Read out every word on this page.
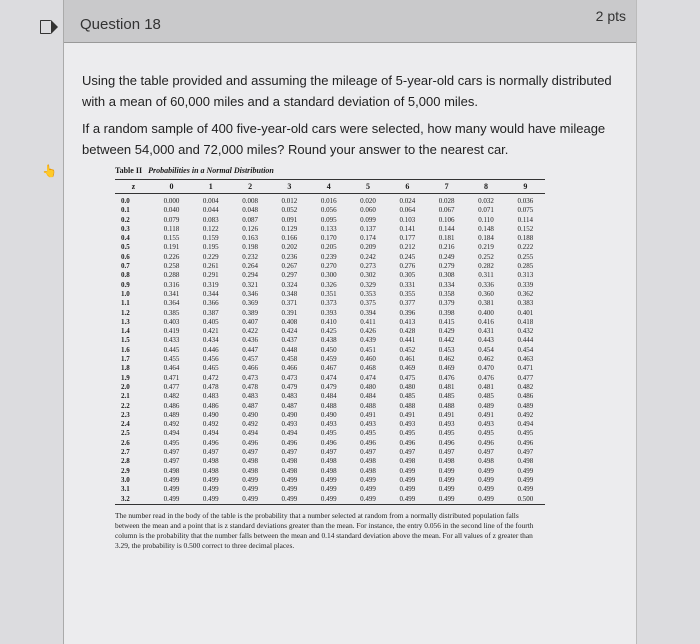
Question 18	2 pts
Using the table provided and assuming the mileage of 5-year-old cars is normally distributed with a mean of 60,000 miles and a standard deviation of 5,000 miles.
If a random sample of 400 five-year-old cars were selected, how many would have mileage between 54,000 and 72,000 miles? Round your answer to the nearest car.
👆	Table II Probabilities in a Normal Distribution
z	0	1	2	3	4	5	6	7	8	9
0.0	0.000	0.004	0.008	0.012	0.016	0.020	0.024	0.028	0.032	0.036
0.1	0.040	0.044	0.048	0.052	0.056	0.060	0.064	0.067	0.071	0.075
0.2	0.079	0.083	0.087	0.091	0.095	0.099	0.103	0.106	0.110	0.114
0.3	0.118	0.122	0.126	0.129	0.133	0.137	0.141	0.144	0.148	0.152
0.4	0.155	0.159	0.163	0.166	0.170	0.174	0.177	0.181	0.184	0.188
0.5	0.191	0.195	0.198	0.202	0.205	0.209	0.212	0.216	0.219	0.222
0.6	0.226	0.229	0.232	0.236	0.239	0.242	0.245	0.249	0.252	0.255
0.7	0.258	0.261	0.264	0.267	0.270	0.273	0.276	0.279	0.282	0.285
0.8	0.288	0.291	0.294	0.297	0.300	0.302	0.305	0.308	0.311	0.313
0.9	0.316	0.319	0.321	0.324	0.326	0.329	0.331	0.334	0.336	0.339
1.0	0.341	0.344	0.346	0.348	0.351	0.353	0.355	0.358	0.360	0.362
1.1	0.364	0.366	0.369	0.371	0.373	0.375	0.377	0.379	0.381	0.383
1.2	0.385	0.387	0.389	0.391	0.393	0.394	0.396	0.398	0.400	0.401
1.3	0.403	0.405	0.407	0.408	0.410	0.411	0.413	0.415	0.416	0.418
1.4	0.419	0.421	0.422	0.424	0.425	0.426	0.428	0.429	0.431	0.432
1.5	0.433	0.434	0.436	0.437	0.438	0.439	0.441	0.442	0.443	0.444
1.6	0.445	0.446	0.447	0.448	0.450	0.451	0.452	0.453	0.454	0.454
1.7	0.455	0.456	0.457	0.458	0.459	0.460	0.461	0.462	0.462	0.463
1.8	0.464	0.465	0.466	0.466	0.467	0.468	0.469	0.469	0.470	0.471
1.9	0.471	0.472	0.473	0.473	0.474	0.474	0.475	0.476	0.476	0.477
2.0	0.477	0.478	0.478	0.479	0.479	0.480	0.480	0.481	0.481	0.482
2.1	0.482	0.483	0.483	0.483	0.484	0.484	0.485	0.485	0.485	0.486
2.2	0.486	0.486	0.487	0.487	0.488	0.488	0.488	0.488	0.489	0.489
2.3	0.489	0.490	0.490	0.490	0.490	0.491	0.491	0.491	0.491	0.492
2.4	0.492	0.492	0.492	0.493	0.493	0.493	0.493	0.493	0.493	0.494
2.5	0.494	0.494	0.494	0.494	0.495	0.495	0.495	0.495	0.495	0.495
2.6	0.495	0.496	0.496	0.496	0.496	0.496	0.496	0.496	0.496	0.496
2.7	0.497	0.497	0.497	0.497	0.497	0.497	0.497	0.497	0.497	0.497
2.8	0.497	0.498	0.498	0.498	0.498	0.498	0.498	0.498	0.498	0.498
2.9	0.498	0.498	0.498	0.498	0.498	0.498	0.499	0.499	0.499	0.499
3.0	0.499	0.499	0.499	0.499	0.499	0.499	0.499	0.499	0.499	0.499
3.1	0.499	0.499	0.499	0.499	0.499	0.499	0.499	0.499	0.499	0.499
3.2	0.499	0.499	0.499	0.499	0.499	0.499	0.499	0.499	0.499	0.500
The number read in the body of the table is the probability that a number selected at random from a normally distributed population falls between the mean and a point that is z standard deviations greater than the mean. For instance, the entry 0.056 in the second line of the fourth column is the probability that the number falls between the mean and 0.14 standard deviation above the mean. For all values of z greater than 3.29, the probability is 0.500 correct to three decimal places.
